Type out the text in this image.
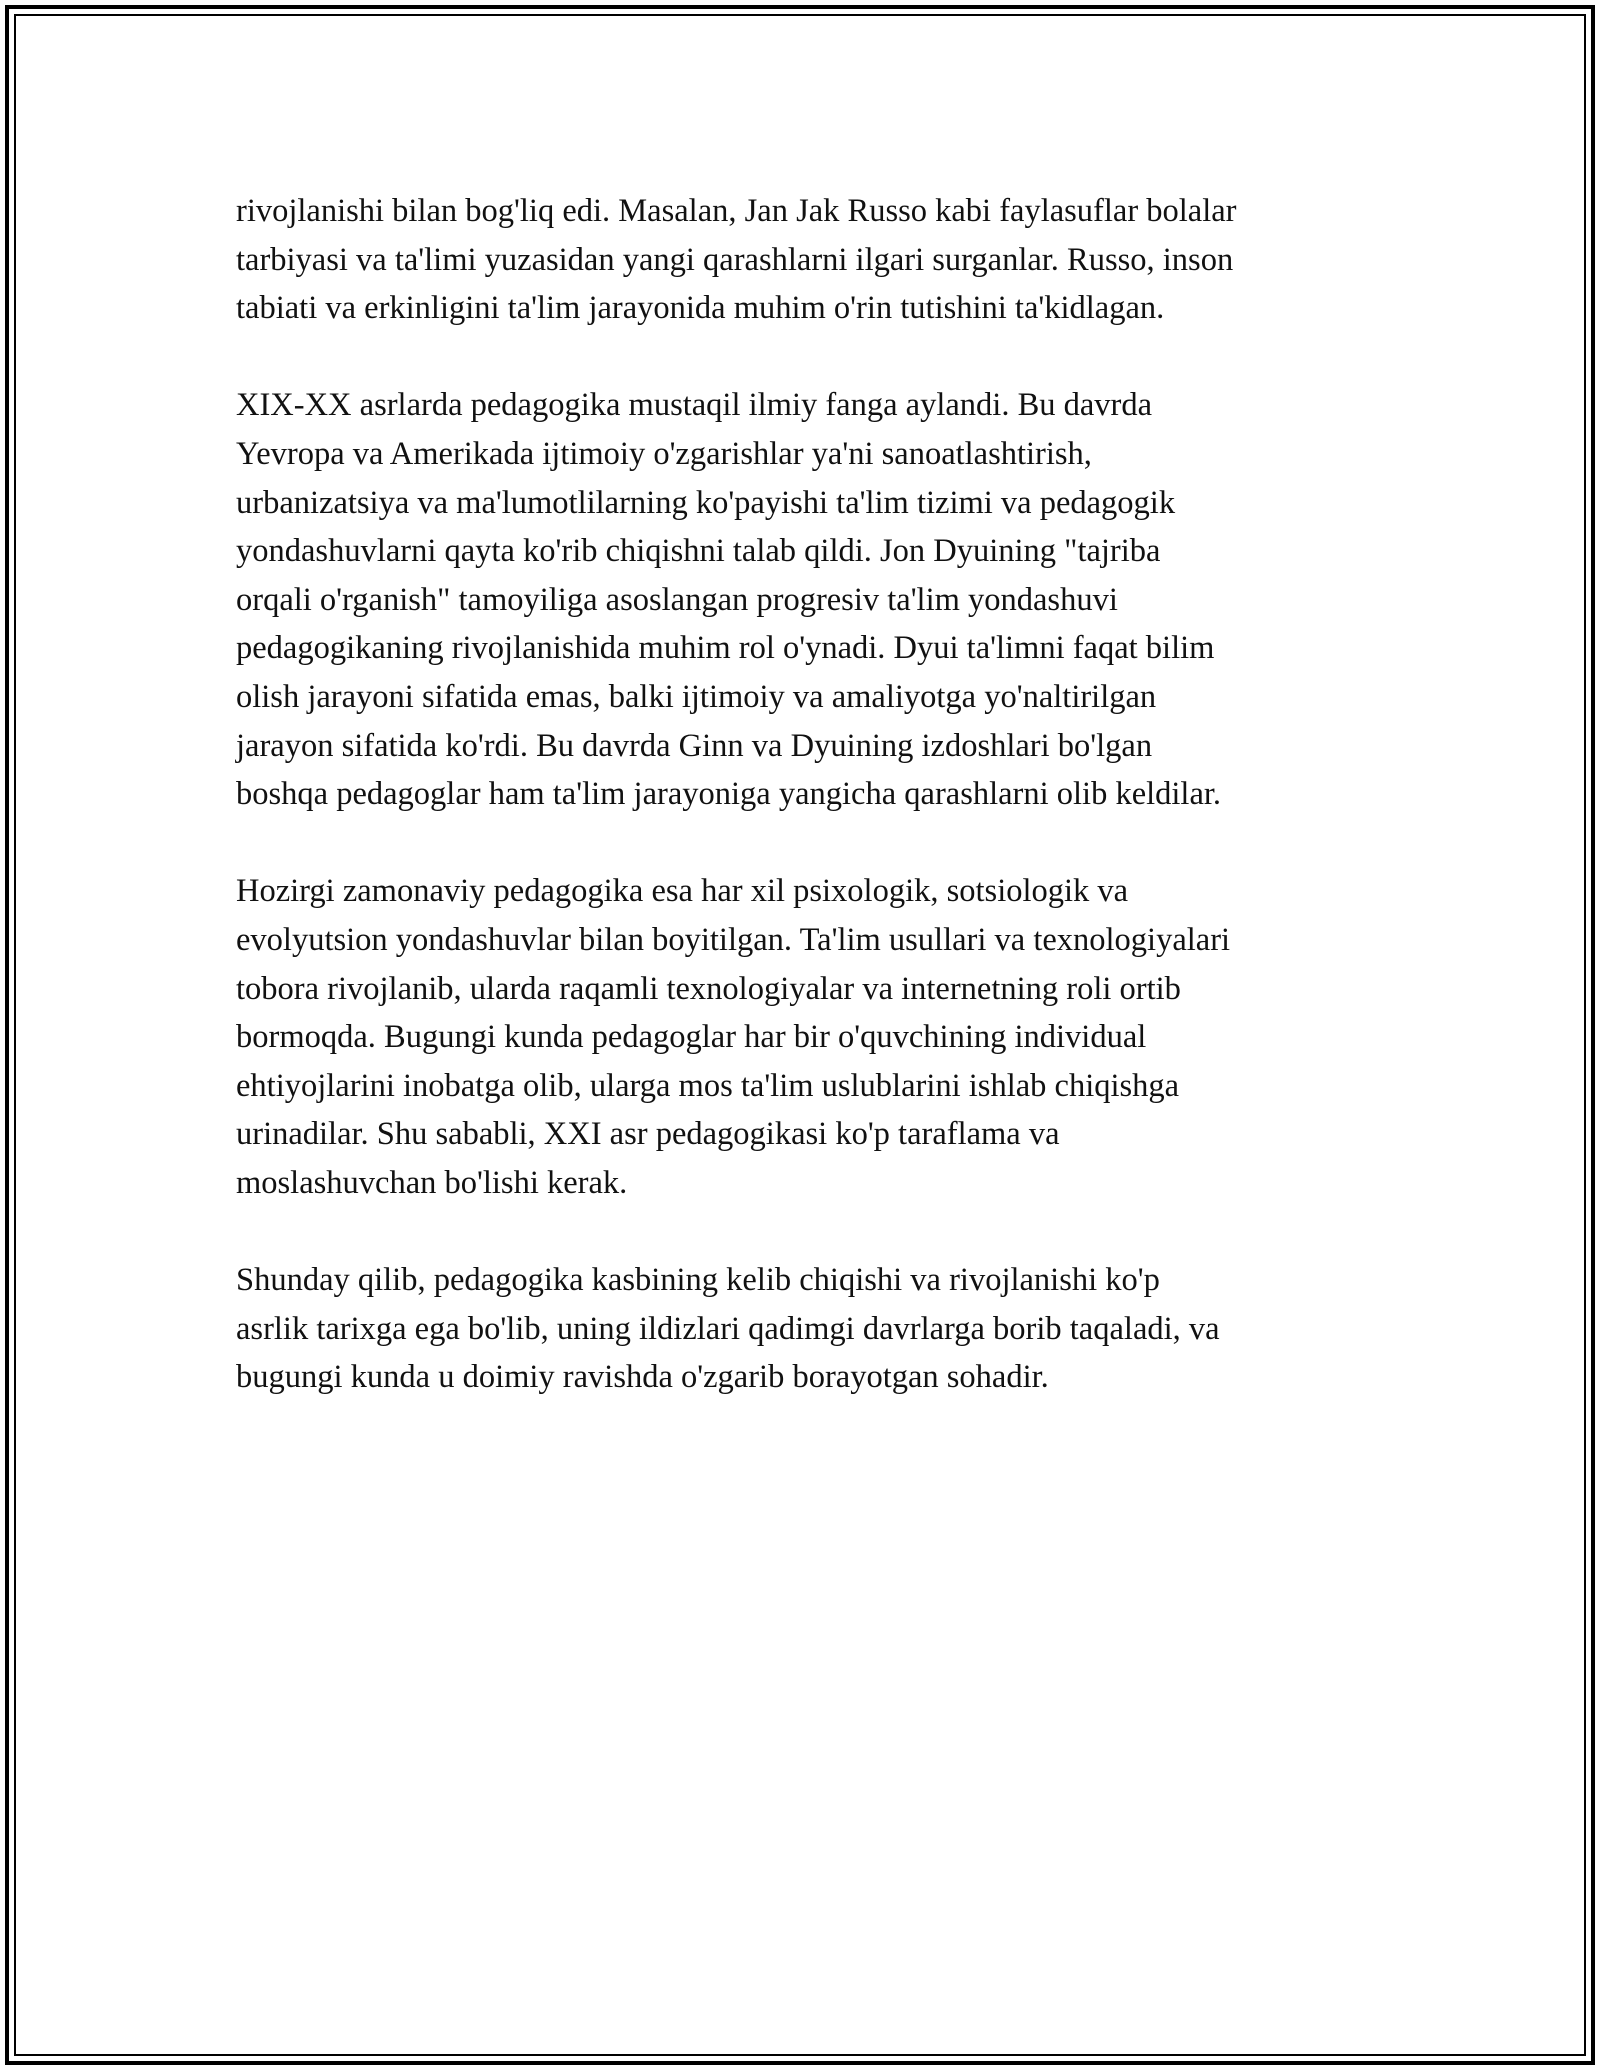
rivojlanishi bilan bog'liq edi. Masalan, Jan Jak Russo kabi faylasuflar bolalar
tarbiyasi va ta'limi yuzasidan yangi qarashlarni ilgari surganlar. Russo, inson
tabiati va erkinligini ta'lim jarayonida muhim o'rin tutishini ta'kidlagan.

XIX-XX asrlarda pedagogika mustaqil ilmiy fanga aylandi. Bu davrda
Yevropa va Amerikada ijtimoiy o'zgarishlar ya'ni sanoatlashtirish,
urbanizatsiya va ma'lumotlilarning ko'payishi ta'lim tizimi va pedagogik
yondashuvlarni qayta ko'rib chiqishni talab qildi. Jon Dyuining "tajriba
orqali o'rganish" tamoyiliga asoslangan progresiv ta'lim yondashuvi
pedagogikaning rivojlanishida muhim rol o'ynadi. Dyui ta'limni faqat bilim
olish jarayoni sifatida emas, balki ijtimoiy va amaliyotga yo'naltirilgan
jarayon sifatida ko'rdi. Bu davrda Ginn va Dyuining izdoshlari bo'lgan
boshqa pedagoglar ham ta'lim jarayoniga yangicha qarashlarni olib keldilar.

Hozirgi zamonaviy pedagogika esa har xil psixologik, sotsiologik va
evolyutsion yondashuvlar bilan boyitilgan. Ta'lim usullari va texnologiyalari
tobora rivojlanib, ularda raqamli texnologiyalar va internetning roli ortib
bormoqda. Bugungi kunda pedagoglar har bir o'quvchining individual
ehtiyojlarini inobatga olib, ularga mos ta'lim uslublarini ishlab chiqishga
urinadilar. Shu sababli, XXI asr pedagogikasi ko'p taraflama va
moslashuvchan bo'lishi kerak.

Shunday qilib, pedagogika kasbining kelib chiqishi va rivojlanishi ko'p
asrlik tarixga ega bo'lib, uning ildizlari qadimgi davrlarga borib taqaladi, va
bugungi kunda u doimiy ravishda o'zgarib borayotgan sohadir.
